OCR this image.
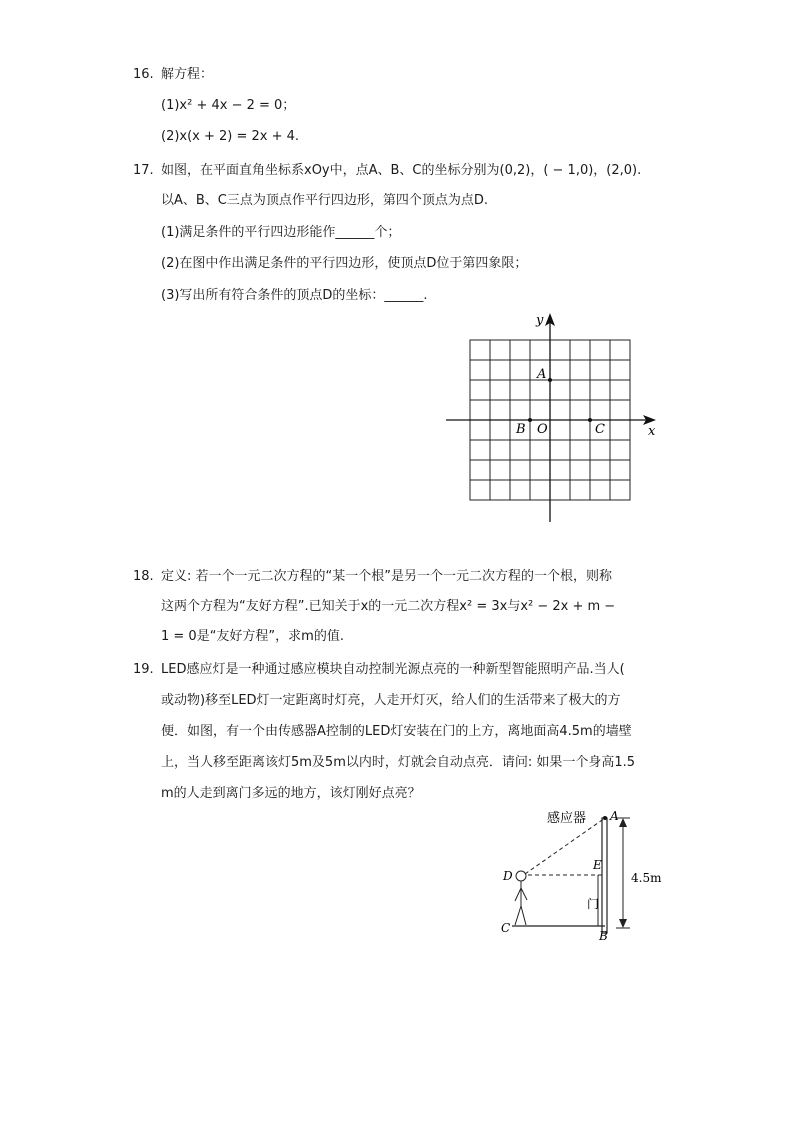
16. 解方程：
(1)x² + 4x − 2 = 0；
(2)x(x + 2) = 2x + 4.
17. 如图，在平面直角坐标系xOy中，点A、B、C的坐标分别为(0,2)，( − 1,0)，(2,0).
以A、B、C三点为顶点作平行四边形，第四个顶点为点D.
(1)满足条件的平行四边形能作______个；
(2)在图中作出满足条件的平行四边形，使顶点D位于第四象限；
(3)写出所有符合条件的顶点D的坐标：______.
y
x
A
B O	C
18. 定义: 若一个一元二次方程的“某一个根”是另一个一元二次方程的一个根，则称
这两个方程为“友好方程”.已知关于x的一元二次方程x² = 3x与x² − 2x + m −
1 = 0是“友好方程”，求m的值.
19. LED感应灯是一种通过感应模块自动控制光源点亮的一种新型智能照明产品.当人(
或动物)移至LED灯一定距离时灯亮，人走开灯灭，给人们的生活带来了极大的方
便．如图，有一个由传感器A控制的LED灯安装在门的上方，离地面高4.5m的墙壁
上，当人移至距离该灯5m及5m以内时，灯就会自动点亮．请问: 如果一个身高1.5
m的人走到离门多远的地方，该灯刚好点亮？
感应器 A
E
D
门
C
B
4.5m
